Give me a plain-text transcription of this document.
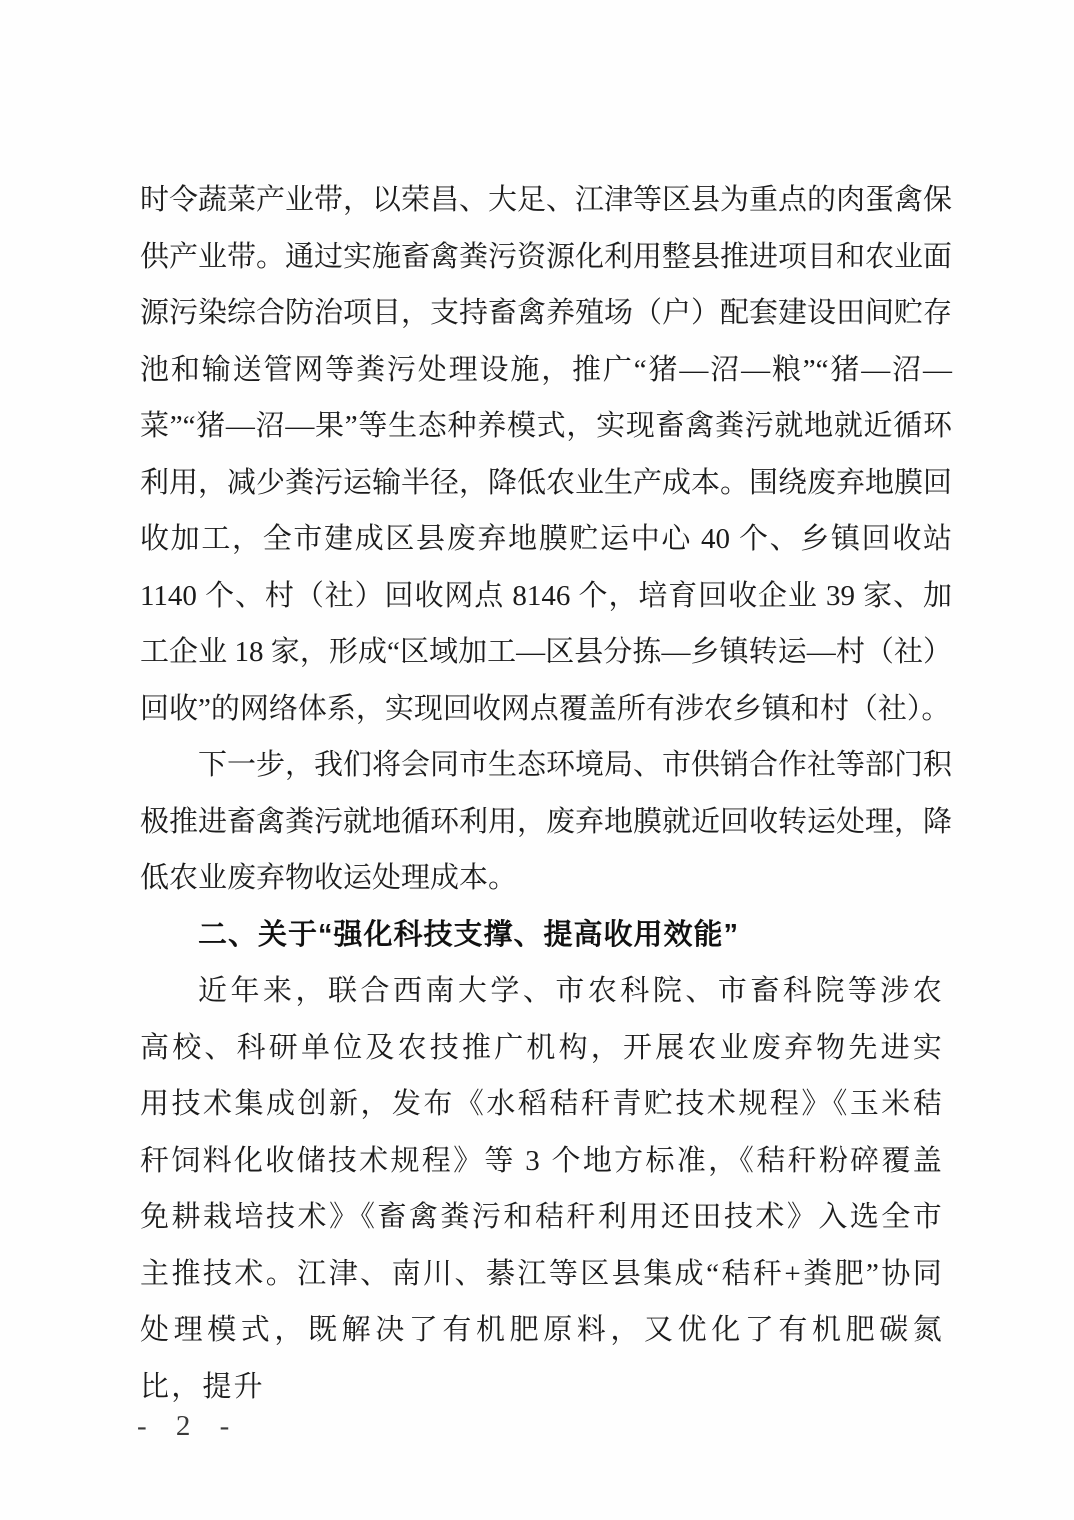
时令蔬菜产业带，以荣昌、大足、江津等区县为重点的肉蛋禽保供产业带。通过实施畜禽粪污资源化利用整县推进项目和农业面源污染综合防治项目，支持畜禽养殖场（户）配套建设田间贮存池和输送管网等粪污处理设施，推广“猪—沼—粮”“猪—沼—菜”“猪—沼—果”等生态种养模式，实现畜禽粪污就地就近循环利用，减少粪污运输半径，降低农业生产成本。围绕废弃地膜回收加工，全市建成区县废弃地膜贮运中心 40 个、乡镇回收站 1140 个、村（社）回收网点 8146 个，培育回收企业 39 家、加工企业 18 家，形成“区域加工—区县分拣—乡镇转运—村（社）回收”的网络体系，实现回收网点覆盖所有涉农乡镇和村（社）。

下一步，我们将会同市生态环境局、市供销合作社等部门积极推进畜禽粪污就地循环利用，废弃地膜就近回收转运处理，降低农业废弃物收运处理成本。

二、关于“强化科技支撑、提高收用效能”

近年来，联合西南大学、市农科院、市畜科院等涉农高校、科研单位及农技推广机构，开展农业废弃物先进实用技术集成创新，发布《水稻秸秆青贮技术规程》《玉米秸秆饲料化收储技术规程》等 3 个地方标准，《秸秆粉碎覆盖免耕栽培技术》《畜禽粪污和秸秆利用还田技术》入选全市主推技术。江津、南川、綦江等区县集成“秸秆+粪肥”协同处理模式，既解决了有机肥原料，又优化了有机肥碳氮比，提升

- 2 -
